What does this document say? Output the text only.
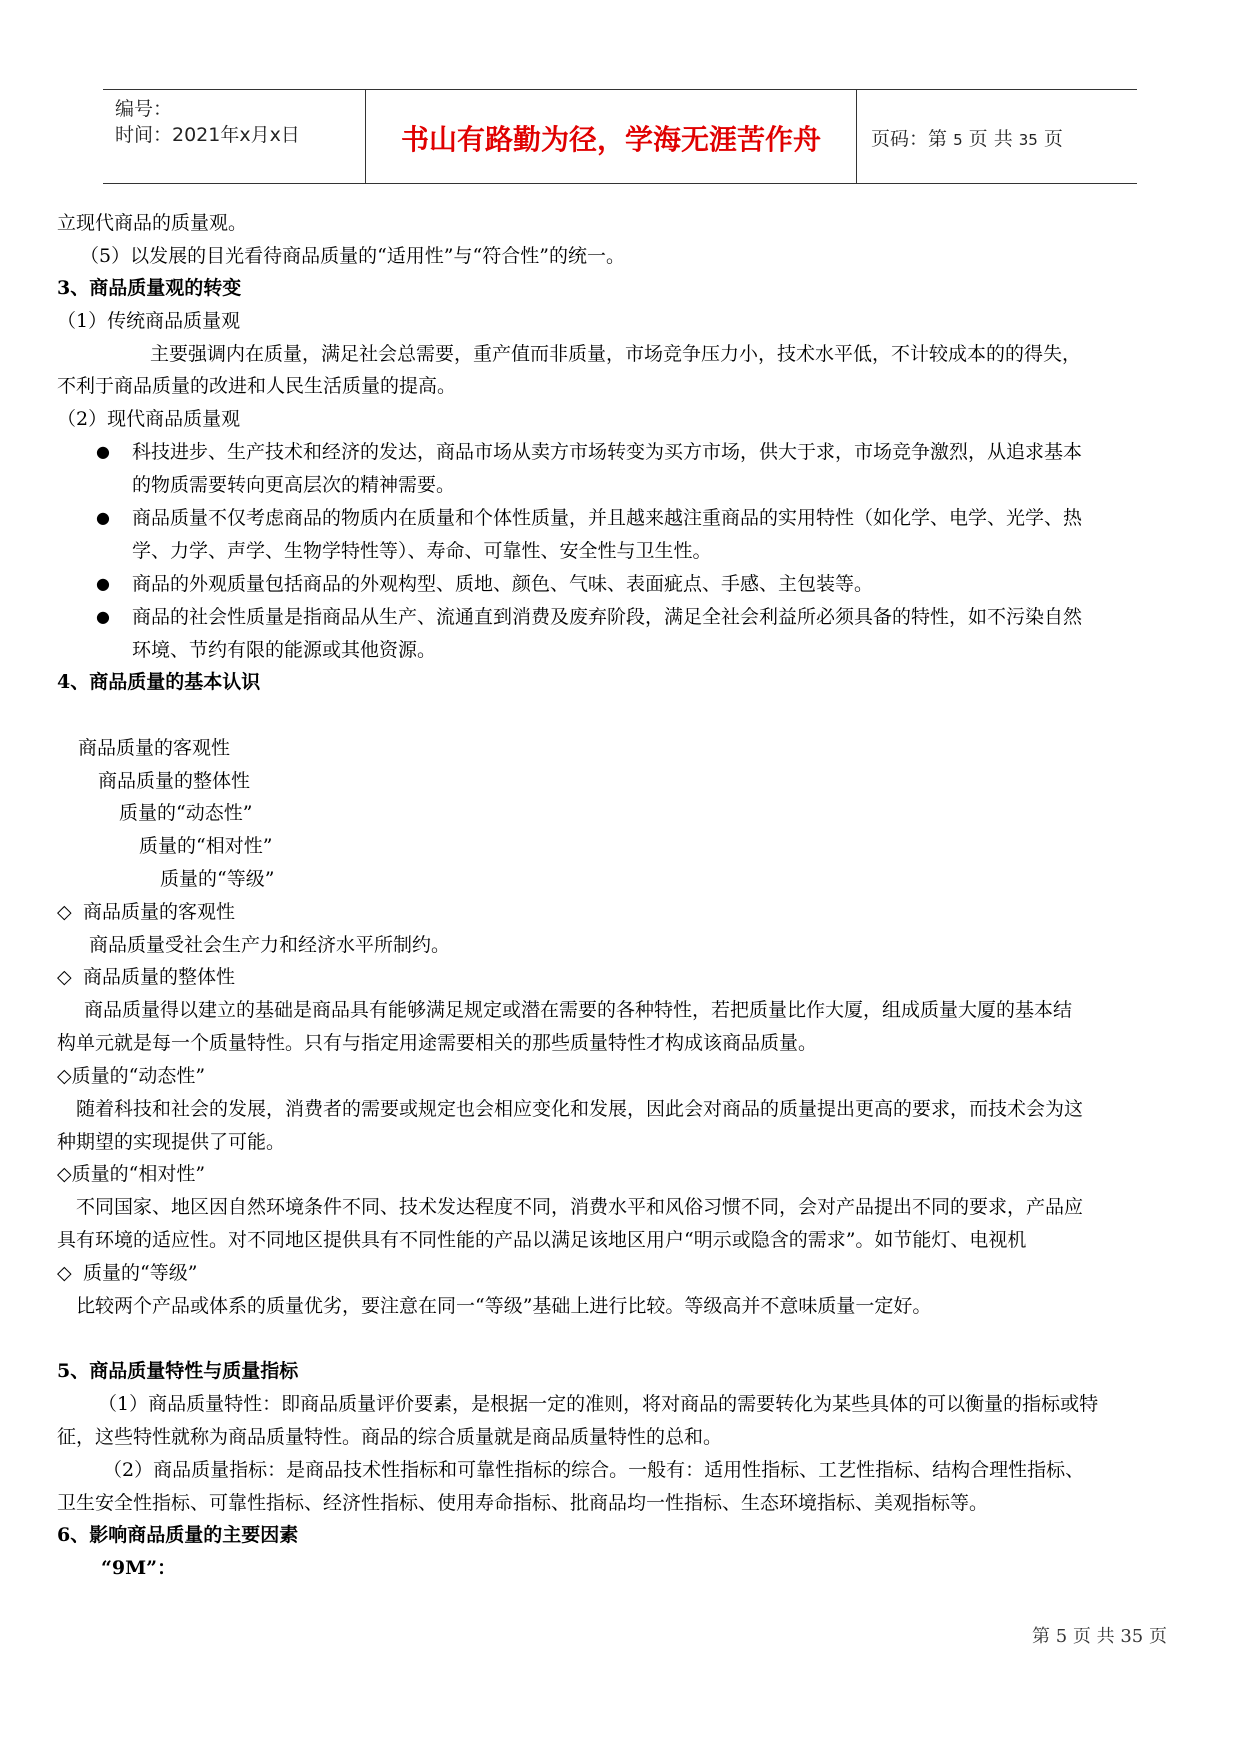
编号：
时间：2021年x月x日	书山有路勤为径，学海无涯苦作舟	页码：第 5 页 共 35 页
立现代商品的质量观。
（5）以发展的目光看待商品质量的“适用性”与“符合性”的统一。
3、商品质量观的转变
（1）传统商品质量观
主要强调内在质量，满足社会总需要，重产值而非质量，市场竞争压力小，技术水平低，不计较成本的的得失，
不利于商品质量的改进和人民生活质量的提高。
（2）现代商品质量观
● 科技进步、生产技术和经济的发达，商品市场从卖方市场转变为买方市场，供大于求，市场竞争激烈，从追求基本
的物质需要转向更高层次的精神需要。
● 商品质量不仅考虑商品的物质内在质量和个体性质量，并且越来越注重商品的实用特性（如化学、电学、光学、热
学、力学、声学、生物学特性等）、寿命、可靠性、安全性与卫生性。
● 商品的外观质量包括商品的外观构型、质地、颜色、气味、表面疵点、手感、主包装等。
● 商品的社会性质量是指商品从生产、流通直到消费及废弃阶段，满足全社会利益所必须具备的特性，如不污染自然
环境、节约有限的能源或其他资源。
4、商品质量的基本认识
商品质量的客观性
商品质量的整体性
质量的“动态性”
质量的“相对性”
质量的“等级”
◇ 商品质量的客观性
商品质量受社会生产力和经济水平所制约。
◇ 商品质量的整体性
商品质量得以建立的基础是商品具有能够满足规定或潜在需要的各种特性，若把质量比作大厦，组成质量大厦的基本结
构单元就是每一个质量特性。只有与指定用途需要相关的那些质量特性才构成该商品质量。
◇质量的“动态性”
随着科技和社会的发展，消费者的需要或规定也会相应变化和发展，因此会对商品的质量提出更高的要求，而技术会为这
种期望的实现提供了可能。
◇质量的“相对性”
不同国家、地区因自然环境条件不同、技术发达程度不同，消费水平和风俗习惯不同，会对产品提出不同的要求，产品应
具有环境的适应性。对不同地区提供具有不同性能的产品以满足该地区用户“明示或隐含的需求”。如节能灯、电视机
◇ 质量的“等级”
比较两个产品或体系的质量优劣，要注意在同一“等级”基础上进行比较。等级高并不意味质量一定好。
5、商品质量特性与质量指标
（1）商品质量特性：即商品质量评价要素，是根据一定的准则，将对商品的需要转化为某些具体的可以衡量的指标或特
征，这些特性就称为商品质量特性。商品的综合质量就是商品质量特性的总和。
（2）商品质量指标：是商品技术性指标和可靠性指标的综合。一般有：适用性指标、工艺性指标、结构合理性指标、
卫生安全性指标、可靠性指标、经济性指标、使用寿命指标、批商品均一性指标、生态环境指标、美观指标等。
6、影响商品质量的主要因素
“9M”：
第 5 页 共 35 页
